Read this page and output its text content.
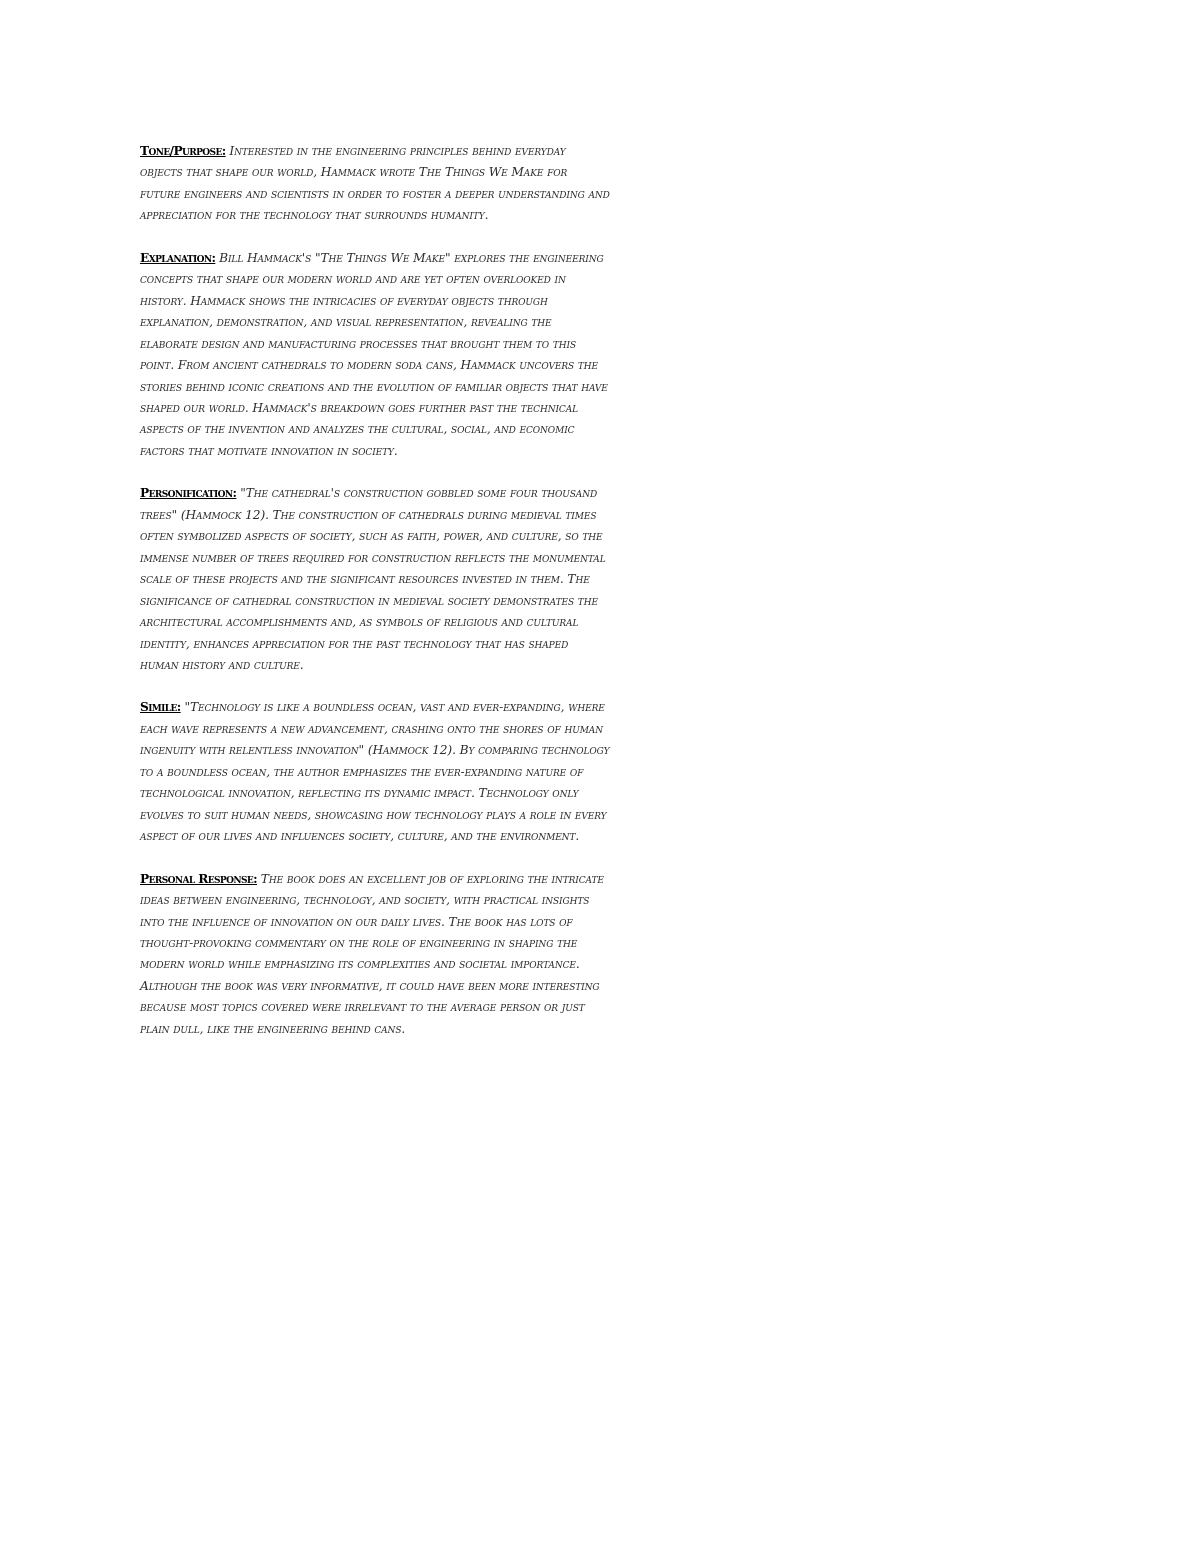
Tone/Purpose: Interested in the engineering principles behind everyday objects that shape our world, Hammack wrote The Things We Make for future engineers and scientists in order to foster a deeper understanding and appreciation for the technology that surrounds humanity.

Explanation: Bill Hammack's "The Things We Make" explores the engineering concepts that shape our modern world and are yet often overlooked in history. Hammack shows the intricacies of everyday objects through explanation, demonstration, and visual representation, revealing the elaborate design and manufacturing processes that brought them to this point. From ancient cathedrals to modern soda cans, Hammack uncovers the stories behind iconic creations and the evolution of familiar objects that have shaped our world. Hammack's breakdown goes further past the technical aspects of the invention and analyzes the cultural, social, and economic factors that motivate innovation in society.

Personification: "The cathedral's construction gobbled some four thousand trees" (Hammock 12). The construction of cathedrals during medieval times often symbolized aspects of society, such as faith, power, and culture, so the immense number of trees required for construction reflects the monumental scale of these projects and the significant resources invested in them. The significance of cathedral construction in medieval society demonstrates the architectural accomplishments and, as symbols of religious and cultural identity, enhances appreciation for the past technology that has shaped human history and culture.

Simile: "Technology is like a boundless ocean, vast and ever-expanding, where each wave represents a new advancement, crashing onto the shores of human ingenuity with relentless innovation" (Hammock 12). By comparing technology to a boundless ocean, the author emphasizes the ever-expanding nature of technological innovation, reflecting its dynamic impact. Technology only evolves to suit human needs, showcasing how technology plays a role in every aspect of our lives and influences society, culture, and the environment.

Personal Response: The book does an excellent job of exploring the intricate ideas between engineering, technology, and society, with practical insights into the influence of innovation on our daily lives. The book has lots of thought-provoking commentary on the role of engineering in shaping the modern world while emphasizing its complexities and societal importance. Although the book was very informative, it could have been more interesting because most topics covered were irrelevant to the average person or just plain dull, like the engineering behind cans.
